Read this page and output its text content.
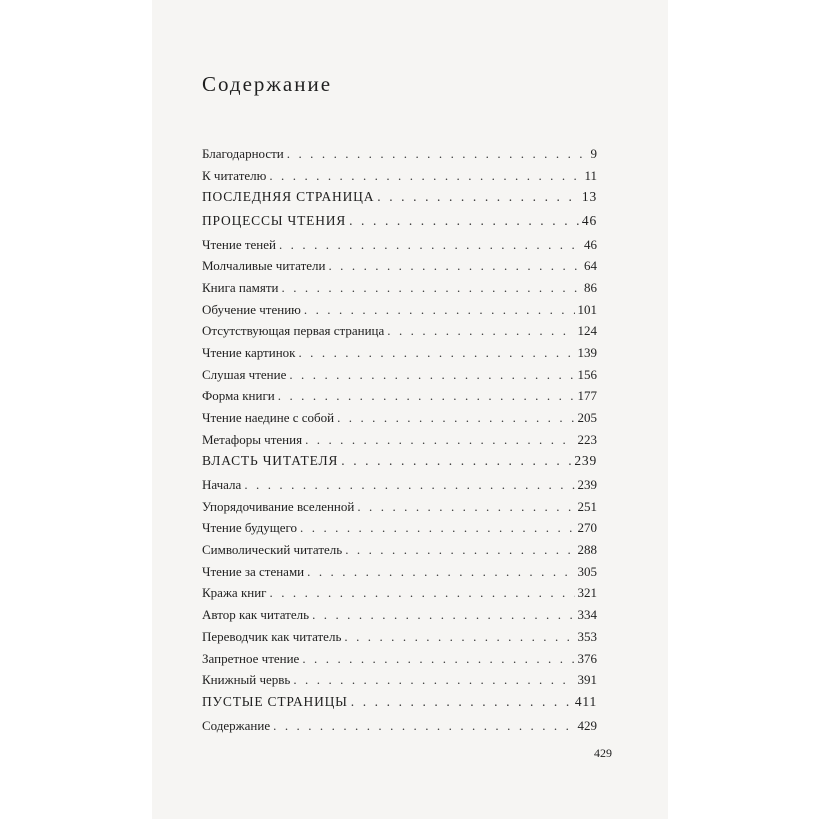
Содержание
Благодарности . . .	9
К читателю . . .	11
ПОСЛЕДНЯЯ СТРАНИЦА . . .	13
ПРОЦЕССЫ ЧТЕНИЯ . . .	46
Чтение теней . . .	46
Молчаливые читатели . . .	64
Книга памяти . . .	86
Обучение чтению . . .	101
Отсутствующая первая страница . . .	124
Чтение картинок . . .	139
Слушая чтение . . .	156
Форма книги . . .	177
Чтение наедине с собой . . .	205
Метафоры чтения . . .	223
ВЛАСТЬ ЧИТАТЕЛЯ . . .	239
Начала . . .	239
Упорядочивание вселенной . . .	251
Чтение будущего . . .	270
Символический читатель . . .	288
Чтение за стенами . . .	305
Кража книг . . .	321
Автор как читатель . . .	334
Переводчик как читатель . . .	353
Запретное чтение . . .	376
Книжный червь . . .	391
ПУСТЫЕ СТРАНИЦЫ . . .	411
Содержание . . .	429
429
